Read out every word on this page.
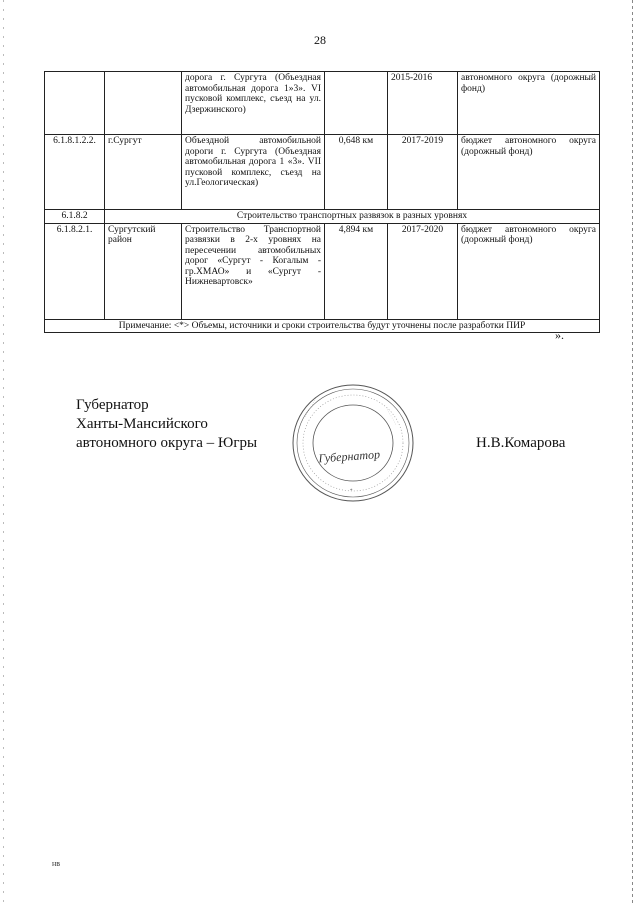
28
		дорога г. Сургута (Объездная автомобильная дорога 1»3». VI пусковой комплекс, съезд на ул. Дзержинского)		2015-2016	автономного округа (дорожный фонд)
6.1.8.1.2.2.	г.Сургут	Объездной автомобильной дороги г. Сургута (Объездная автомобильная дорога 1 «3». VII пусковой комплекс, съезд на ул.Геологическая)	0,648 км	2017-2019	бюджет автономного округа (дорожный фонд)
6.1.8.2	Строительство транспортных развязок в разных уровнях				
6.1.8.2.1.	Сургутский район	Строительство Транспортной развязки в 2-х уровнях на пересечении автомобильных дорог «Сургут - Когалым - гр.ХМАО» и «Сургут - Нижневартовск»	4,894 км	2017-2020	бюджет автономного округа (дорожный фонд)
Примечание: <*> Объемы, источники и сроки строительства будут уточнены после разработки ПИР					
».
Губернатор
Ханты-Мансийского
автономного округа – Югры
· · · · · · · · · ·	· · · · · · · ·
Губернатор
*
Н.В.Комарова
нв
